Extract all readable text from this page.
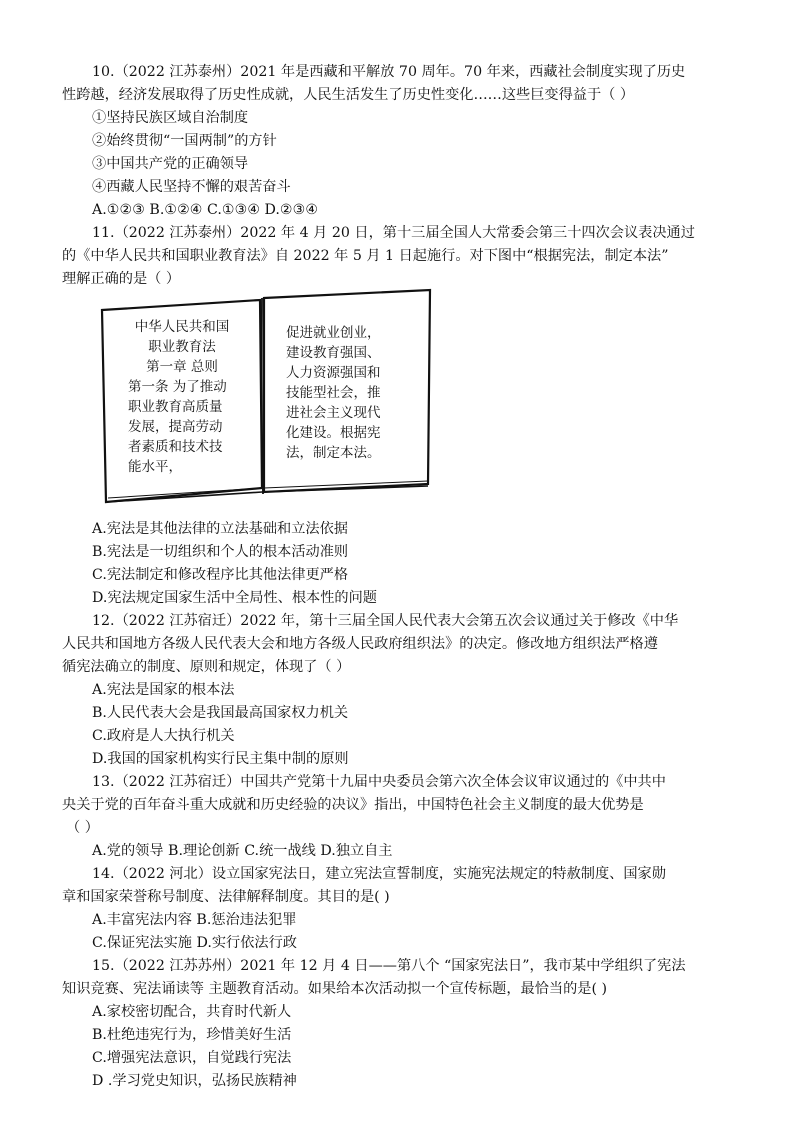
10.（2022 江苏泰州）2021 年是西藏和平解放 70 周年。70 年来，西藏社会制度实现了历史
性跨越，经济发展取得了历史性成就，人民生活发生了历史性变化……这些巨变得益于（ ）
①坚持民族区域自治制度
②始终贯彻“一国两制”的方针
③中国共产党的正确领导
④西藏人民坚持不懈的艰苦奋斗
A.①②③ B.①②④ C.①③④ D.②③④
11.（2022 江苏泰州）2022 年 4 月 20 日，第十三届全国人大常委会第三十四次会议表决通过
的《中华人民共和国职业教育法》自 2022 年 5 月 1 日起施行。对下图中“根据宪法，制定本法”
理解正确的是（ ）
中华人民共和国
职业教育法
第一章 总则
第一条 为了推动
职业教育高质量
发展，提高劳动
者素质和技术技
能水平，
促进就业创业，
建设教育强国、
人力资源强国和
技能型社会，推
进社会主义现代
化建设。根据宪
法，制定本法。
A.宪法是其他法律的立法基础和立法依据
B.宪法是一切组织和个人的根本活动准则
C.宪法制定和修改程序比其他法律更严格
D.宪法规定国家生活中全局性、根本性的问题
12.（2022 江苏宿迁）2022 年，第十三届全国人民代表大会第五次会议通过关于修改《中华
人民共和国地方各级人民代表大会和地方各级人民政府组织法》的决定。修改地方组织法严格遵
循宪法确立的制度、原则和规定，体现了（ ）
A.宪法是国家的根本法
B.人民代表大会是我国最高国家权力机关
C.政府是人大执行机关
D.我国的国家机构实行民主集中制的原则
13.（2022 江苏宿迁）中国共产党第十九届中央委员会第六次全体会议审议通过的《中共中
央关于党的百年奋斗重大成就和历史经验的决议》指出，中国特色社会主义制度的最大优势是
（ ）
A.党的领导 B.理论创新 C.统一战线 D.独立自主
14.（2022 河北）设立国家宪法日，建立宪法宣誓制度，实施宪法规定的特赦制度、国家勋
章和国家荣誉称号制度、法律解释制度。其目的是( )
A.丰富宪法内容 B.惩治违法犯罪
C.保证宪法实施 D.实行依法行政
15.（2022 江苏苏州）2021 年 12 月 4 日——第八个 “国家宪法日”，我市某中学组织了宪法
知识竞赛、宪法诵读等 主题教育活动。如果给本次活动拟一个宣传标题，最恰当的是( )
A.家校密切配合，共育时代新人
B.杜绝违宪行为，珍惜美好生活
C.增强宪法意识，自觉践行宪法
D .学习党史知识，弘扬民族精神
